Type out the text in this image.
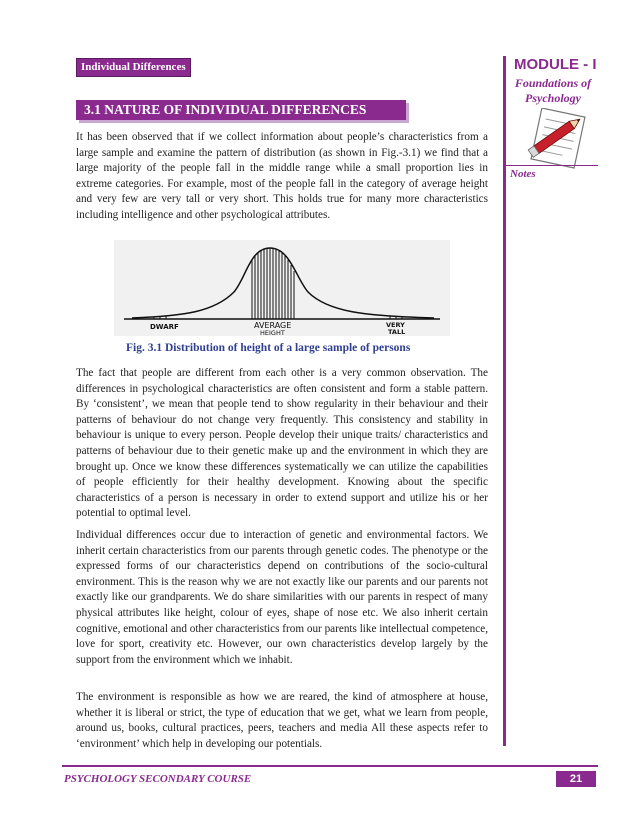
Individual Differences
3.1 NATURE OF INDIVIDUAL DIFFERENCES

It has been observed that if we collect information about people’s characteristics from a large sample and examine the pattern of distribution (as shown in Fig.-3.1) we find that a large majority of the people fall in the middle range while a small proportion lies in extreme categories. For example, most of the people fall in the category of average height and very few are very tall or very short. This holds true for many more characteristics including intelligence and other psychological attributes.

DWARF	AVERAGE
HEIGHT
VERY
TALL
Fig. 3.1 Distribution of height of a large sample of persons

The fact that people are different from each other is a very common observation. The differences in psychological characteristics are often consistent and form a stable pattern. By ‘consistent’, we mean that people tend to show regularity in their behaviour and their patterns of behaviour do not change very frequently. This consistency and stability in behaviour is unique to every person. People develop their unique traits/ characteristics and patterns of behaviour due to their genetic make up and the environment in which they are brought up. Once we know these differences systematically we can utilize the capabilities of people efficiently for their healthy development. Knowing about the specific characteristics of a person is necessary in order to extend support and utilize his or her potential to optimal level.

Individual differences occur due to interaction of genetic and environmental factors. We inherit certain characteristics from our parents through genetic codes. The phenotype or the expressed forms of our characteristics depend on contributions of the socio-cultural environment. This is the reason why we are not exactly like our parents and our parents not exactly like our grandparents. We do share similarities with our parents in respect of many physical attributes like height, colour of eyes, shape of nose etc. We also inherit certain cognitive, emotional and other characteristics from our parents like intellectual competence, love for sport, creativity etc. However, our own characteristics develop largely by the support from the environment which we inhabit.

The environment is responsible as how we are reared, the kind of atmosphere at house, whether it is liberal or strict, the type of education that we get, what we learn from people, around us, books, cultural practices, peers, teachers and media All these aspects refer to ‘environment’ which help in developing our potentials.

MODULE - I
Foundations of Psychology
Notes
PSYCHOLOGY SECONDARY COURSE	21
